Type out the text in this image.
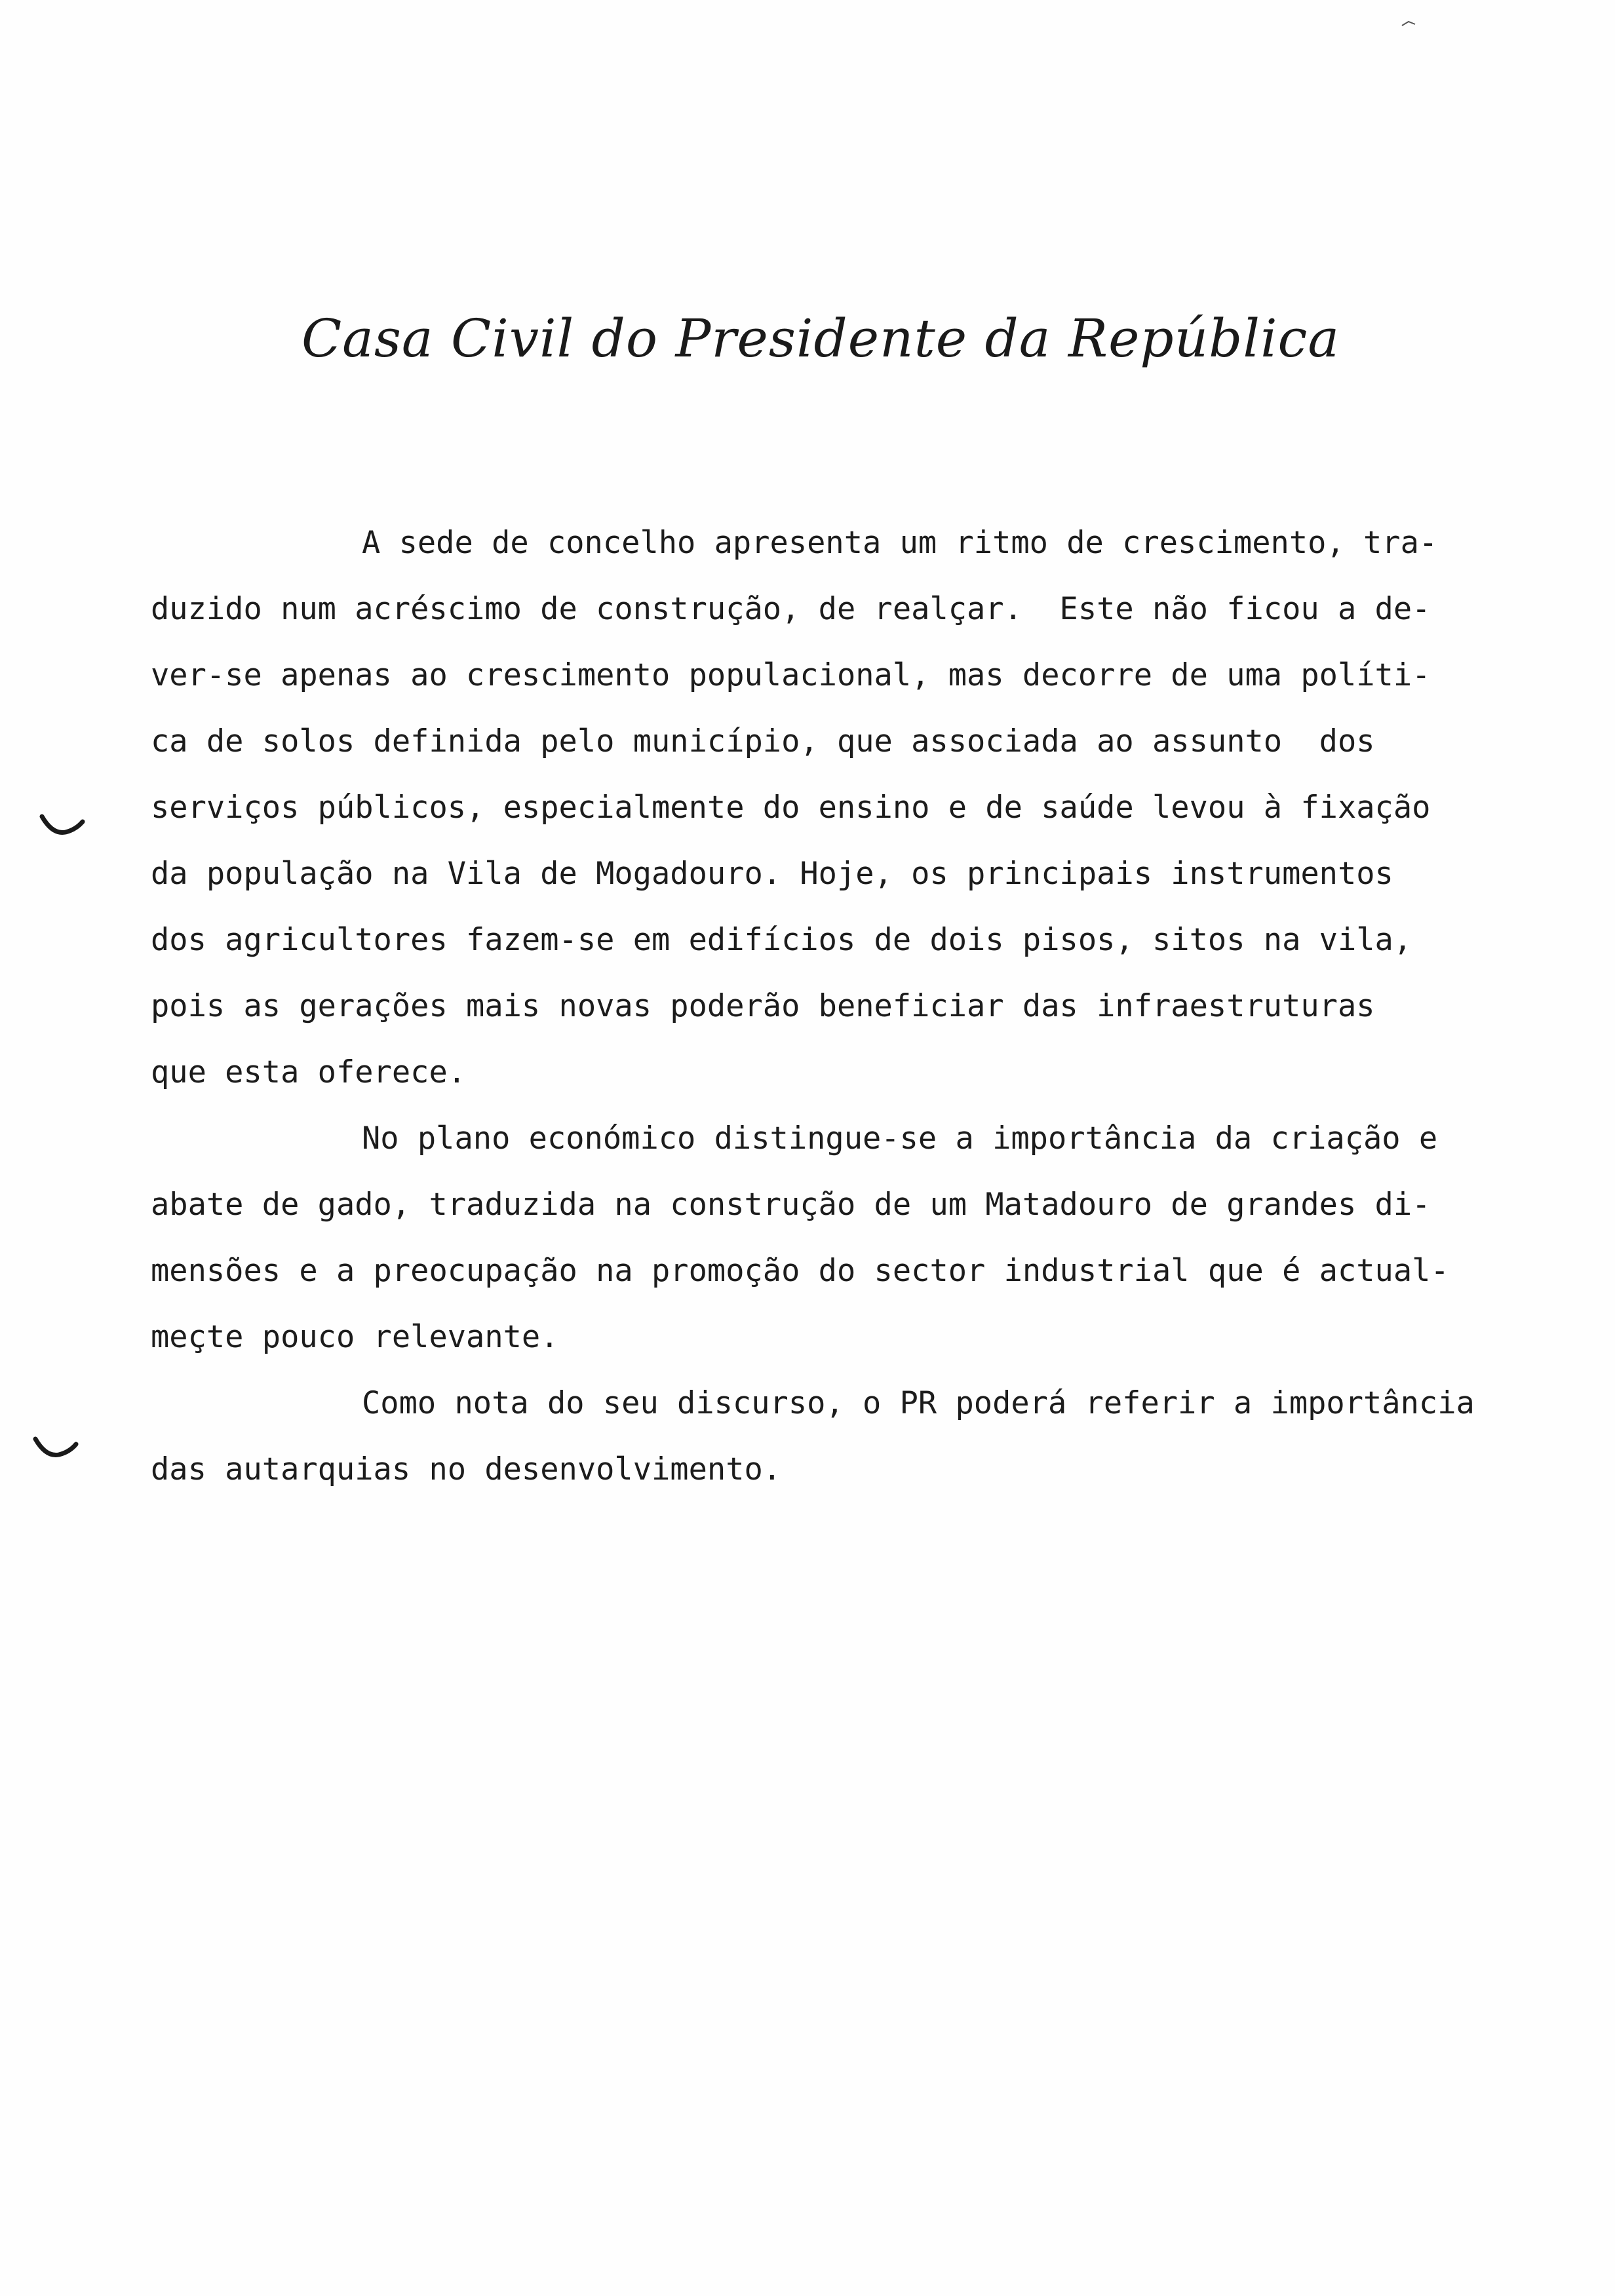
Casa Civil do Presidente da República

A sede de concelho apresenta um ritmo de crescimento, tra-
duzido num acréscimo de construção, de realçar.  Este não ficou a de-
ver-se apenas ao crescimento populacional, mas decorre de uma políti-
ca de solos definida pelo município, que associada ao assunto  dos
serviços públicos, especialmente do ensino e de saúde levou à fixação
da população na Vila de Mogadouro. Hoje, os principais instrumentos
dos agricultores fazem-se em edifícios de dois pisos, sitos na vila,
pois as gerações mais novas poderão beneficiar das infraestruturas
que esta oferece.

No plano económico distingue-se a importância da criação e
abate de gado, traduzida na construção de um Matadouro de grandes di-
mensões e a preocupação na promoção do sector industrial que é actual-
meçte pouco relevante.

Como nota do seu discurso, o PR poderá referir a importância
das autarquias no desenvolvimento.
